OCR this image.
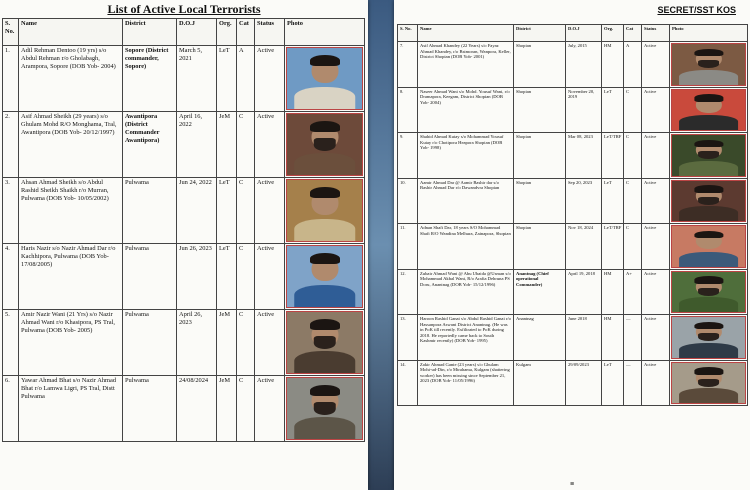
List of Active Local Terrorists
S. No.	Name	District	D.O.J	Org.	Cat	Status	Photo
1.	Adil Rehman Dentoo (19 yrs) s/o Abdul Rehman r/o Gholabagh, Arampora, Sopore (DOB Yob- 2004)	Sopore (District commander, Sopore)	March 5, 2021	LeT	A	Active	

2.	Asif Ahmad Sheikh (29 years) s/o Ghulam Mohd R/O Monghama, Tral, Awantipora (DOB Yob- 20/12/1997)	Awantipora (District Commander Awantipora)	April 16, 2022	JeM	C	Active	

3.	Ahsan Ahmad Sheikh s/o Abdul Rashid Sheikh Shaikh r/o Murran, Pulwama (DOB Yob- 10/05/2002)	Pulwama	Jun 24, 2022	LeT	C	Active	

4.	Haris Nazir s/o Nazir Ahmad Dar r/o Kachhipora, Pulwama (DOB Yob- 17/08/2005)	Pulwama	Jun 26, 2023	LeT	C	Active	

5.	Amir Nazir Wani (21 Yrs) s/o Nazir Ahmad Wani r/o Khasipora, PS Tral, Pulwama (DOB Yob- 2005)	Pulwama	April 26, 2023	JeM	C	Active	

6.	Yawar Ahmad Bhat s/o Nazir Ahmad Bhat r/o Lamwa Ligri, PS Tral, Distt Pulwama	Pulwama	24/08/2024	JeM	C	Active	
SECRET/SST KOS
S. No.	Name	District	D.O.J	Org.	Cat	Status	Photo
7.	Asif Ahmad Khandey (22 Years) s/o Fayaz Ahmad Khandey, r/o Bstmoran, Wanpora, Keller, District Shopian (DOB Yob- 2001)	Shopian	July, 2015	HM	A	Active	

8.	Naseer Ahmad Wani s/o Mohd. Yousuf Wani, r/o Dramapora, Keegam, District Shopian (DOB Yob- 2004)	Shopian	November 20, 2019	LeT	C	Active	

9.	Shahid Ahmad Kutay s/o Mohammad Yousuf Kutay r/o Chotipora Heapora Shopian (DOB Yob- 1998)	Shopian	Mar 08, 2023	LeT/TRF	C	Active	

10.	Aamir Ahmad Dar @ Aamir Bashir dar s/o Bashir Ahmad Dar r/o Dawandvra Shopian	Shopian	Sep 20, 2023	LeT	C	Active	

11.	Adnan Shafi Dar, 18 years S/O Mohammad Shafi R/O Wandina Melhura, Zainapora, Shopian	Shopian	Nov 18, 2024	LeT/TRF	C	Active	

12.	Zubair Ahmad Wani @ Abu Ubaida @Usman s/o Mohammad Akbal Wani, R/o Arafia Dehruna PS Doru, Anantnag (DOB Yob- 15/12/1996)	Anantnag (Chief operational Commander)	April 19, 2018	HM	A+	Active	

13.	Haroon Rashid Ganai s/o Abdul Rashid Ganai r/o Hassanpora Aswani District Anantnag. (He was in PoK till recently. Exfiltrated to PoK during 2018. He reportedly came back to South Kashmir recently) (DOB Yob- 1995)	Anantnag	June 2018	HM	—	Active	

14.	Zakir Ahmad Ganie (23 years) s/o Ghulam Mohi-ud-Din, r/o Mtrahama, Kulgam (shattering worker) has been missing since September 21, 2023 (DOB Yob- 11/05/1996)	Kulgam	29/09/2023	LeT	—	Active	
≡
